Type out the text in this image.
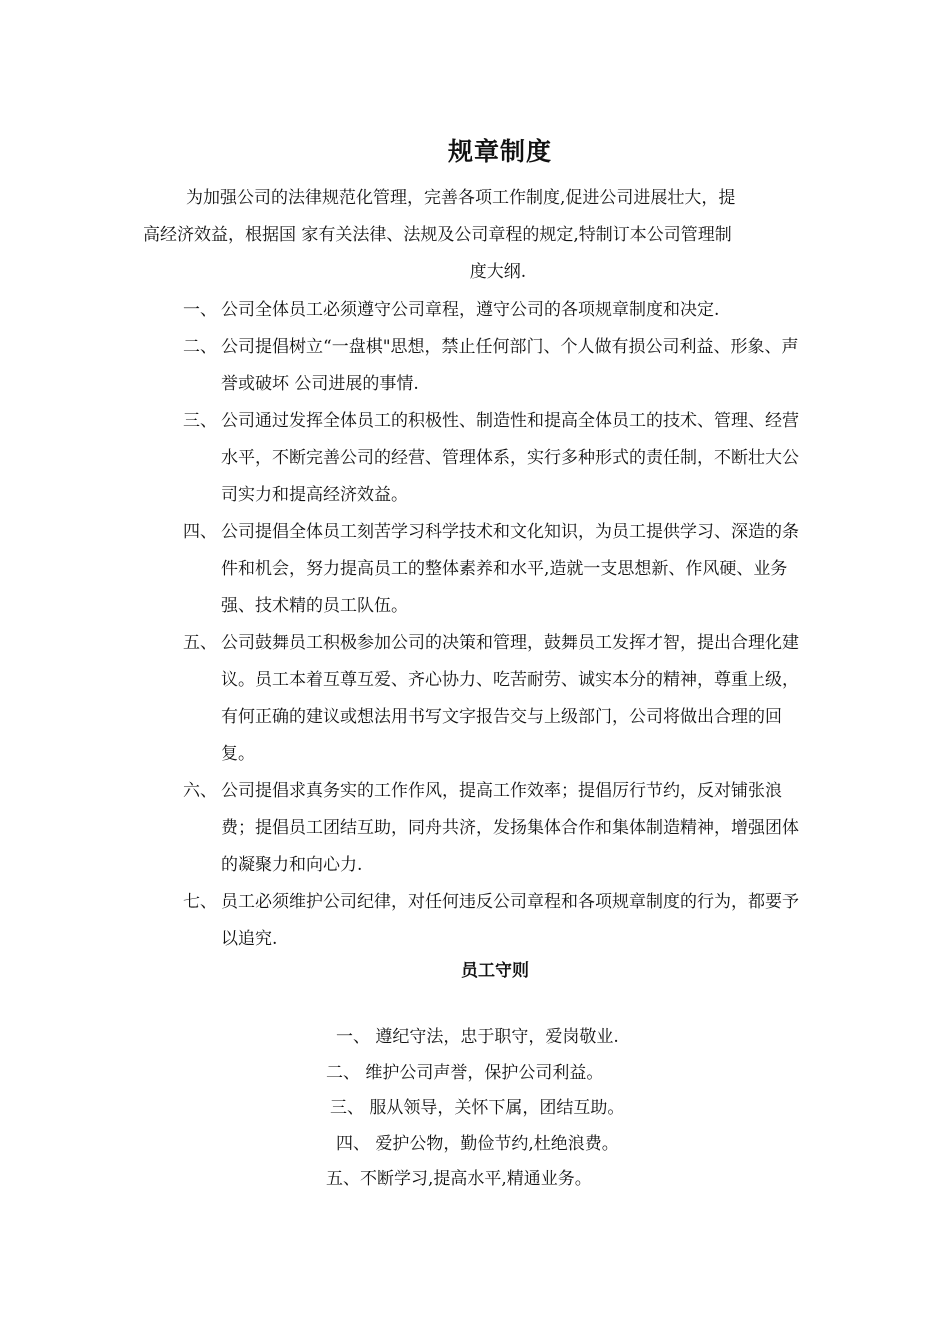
规章制度

为加强公司的法律规范化管理，完善各项工作制度,促进公司进展壮大，提

高经济效益，根据国 家有关法律、法规及公司章程的规定,特制订本公司管理制

度大纲.

一、 公司全体员工必须遵守公司章程，遵守公司的各项规章制度和决定.
二、 公司提倡树立“一盘棋"思想，禁止任何部门、个人做有损公司利益、形象、声誉或破坏 公司进展的事情.
三、 公司通过发挥全体员工的积极性、制造性和提高全体员工的技术、管理、经营水平，不断完善公司的经营、管理体系，实行多种形式的责任制，不断壮大公司实力和提高经济效益。
四、 公司提倡全体员工刻苦学习科学技术和文化知识，为员工提供学习、深造的条件和机会，努力提高员工的整体素养和水平,造就一支思想新、作风硬、业务强、技术精的员工队伍。
五、 公司鼓舞员工积极参加公司的决策和管理，鼓舞员工发挥才智，提出合理化建议。员工本着互尊互爱、齐心协力、吃苦耐劳、诚实本分的精神，尊重上级，有何正确的建议或想法用书写文字报告交与上级部门，公司将做出合理的回复。
六、 公司提倡求真务实的工作作风，提高工作效率；提倡厉行节约，反对铺张浪费；提倡员工团结互助，同舟共济，发扬集体合作和集体制造精神，增强团体的凝聚力和向心力.
七、 员工必须维护公司纪律，对任何违反公司章程和各项规章制度的行为，都要予以追究.
员工守则
一、 遵纪守法，忠于职守，爱岗敬业.
二、 维护公司声誉，保护公司利益。
三、 服从领导，关怀下属，团结互助。
四、 爱护公物，勤俭节约,杜绝浪费。
五、不断学习,提高水平,精通业务。
